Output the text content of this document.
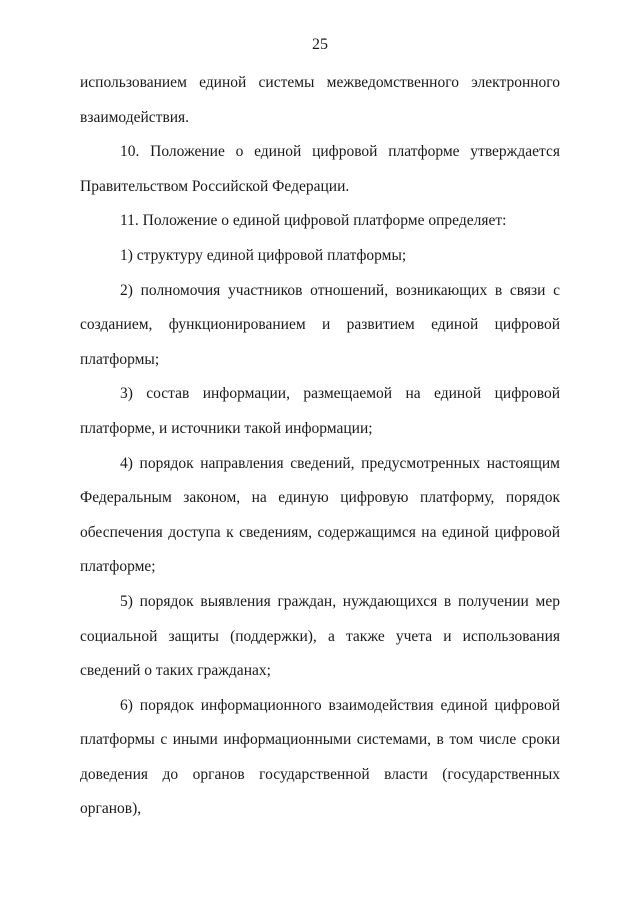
25

использованием единой системы межведомственного электронного взаимодействия.

10. Положение о единой цифровой платформе утверждается Правительством Российской Федерации.

11. Положение о единой цифровой платформе определяет:

1) структуру единой цифровой платформы;

2) полномочия участников отношений, возникающих в связи с созданием, функционированием и развитием единой цифровой платформы;

3) состав информации, размещаемой на единой цифровой платформе, и источники такой информации;

4) порядок направления сведений, предусмотренных настоящим Федеральным законом, на единую цифровую платформу, порядок обеспечения доступа к сведениям, содержащимся на единой цифровой платформе;

5) порядок выявления граждан, нуждающихся в получении мер социальной защиты (поддержки), а также учета и использования сведений о таких гражданах;

6) порядок информационного взаимодействия единой цифровой платформы с иными информационными системами, в том числе сроки доведения до органов государственной власти (государственных органов),
